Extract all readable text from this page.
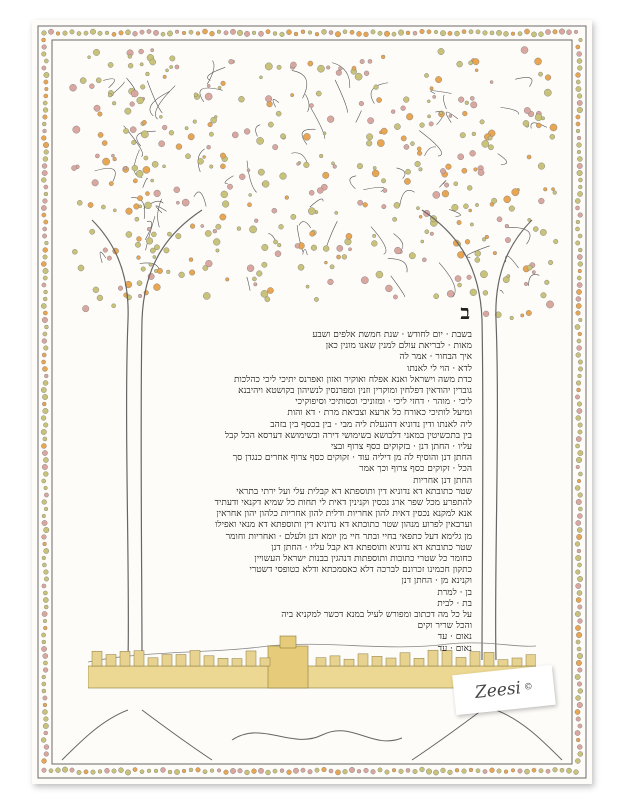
ב
בשבת · יום לחודש · שנת חמשת אלפים ושבע
מאות · לבריאת עולם למנין שאנו מונין כאן
איך הבחור · אמר לה
לדא · הוי לי לאנתו
כדת משה וישראל ואנא אפלח ואוקיר ואזון ואפרנס יתיכי ליכי כהלכות
גוברין יהודאין דפלחין ומוקרין וזנין ומפרנסין לנשיהון בקושטא ויהיבנא
ליכי · מוהר · דחזי ליכי · ומזוניכי וכסותיכי וסיפוקיכי
ומיעל לותיכי כאורח כל ארעא וצביאת מרת · דא והות
ליה לאנתו ודין נדוניא דהנעלת ליה מבי · בין בכסף בין בזהב
בין בתכשיטין במאני דלבושא בשימושי דירה ובשימושא דערסא הכל קבל
עליו · החתן דנן · בזקוקים כסף צרוף ובצי
החתן דנן והוסיף לה מן דיליה עוד · זקוקים כסף צרוף אחרים כנגדן סך
הכל · זקוקים כסף צרוף וכך אמר
החתן דנן אחריות
שטר כתובתא דא נדוניא דין ותוספתא דא קבלית עלי ועל ירתי בתראי
להתפרע מכל שפר ארג נכסין וקנינין דאית לי תחות כל שמיא דקנאי ודעתיד
אנא למקנא נכסין דאית להון אחריות ודלית להון אחריות כלהון יהון אחראין
וערבאין לפרוע מנהון שטר כתובתא דא נדוניא דין ותוספתא דא מנאי ואפילו
מן גלימא דעל כתפאי בחיי ובתר חיי מן יומא דנן ולעלם · ואחריות וחומר
שטר כתובתא דא נדוניא ותוספתא דא קבל עליו · החתן דנן
כחומר כל שטרי כתובות ותוספתות דנהגין בבנות ישראל העשויין
כתקון חכמינו זכרונם לברכה דלא כאסמכתא ודלא כטופסי דשטרי
וקנינא מן · החתן דנן
בן · למרת
בת · לבית
על כל מה דכתוב ומפורש לעיל במנא דכשר למקניא ביה
והכל שריר וקים
נאום · עד
נאום · עד
Zeesi ©
